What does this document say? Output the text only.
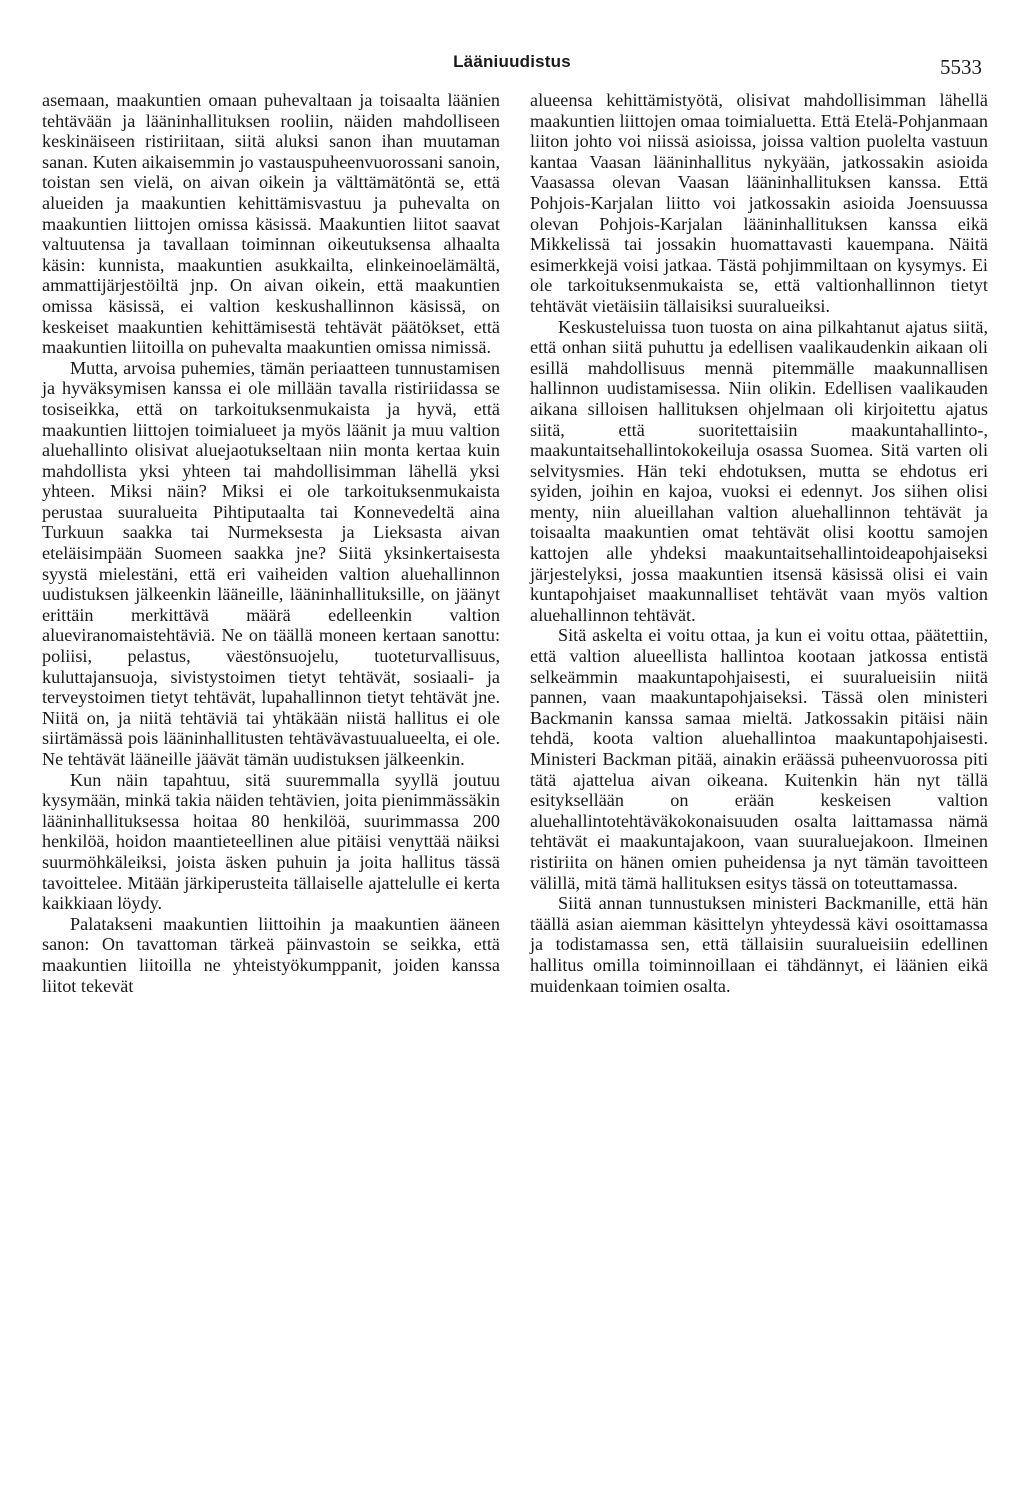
Lääniuudistus	5533

asemaan, maakuntien omaan puhevaltaan ja toisaalta läänien tehtävään ja lääninhallituksen rooliin, näiden mahdolliseen keskinäiseen ristiriitaan, siitä aluksi sanon ihan muutaman sanan. Kuten aikaisemmin jo vastauspuheenvuorossani sanoin, toistan sen vielä, on aivan oikein ja välttämätöntä se, että alueiden ja maakuntien kehittämisvastuu ja puhevalta on maakuntien liittojen omissa käsissä. Maakuntien liitot saavat valtuutensa ja tavallaan toiminnan oikeutuksensa alhaalta käsin: kunnista, maakuntien asukkailta, elinkeinoelämältä, ammattijärjestöiltä jnp. On aivan oikein, että maakuntien omissa käsissä, ei valtion keskushallinnon käsissä, on keskeiset maakuntien kehittämisestä tehtävät päätökset, että maakuntien liitoilla on puhevalta maakuntien omissa nimissä.

Mutta, arvoisa puhemies, tämän periaatteen tunnustamisen ja hyväksymisen kanssa ei ole millään tavalla ristiriidassa se tosiseikka, että on tarkoituksenmukaista ja hyvä, että maakuntien liittojen toimialueet ja myös läänit ja muu valtion aluehallinto olisivat aluejaotukseltaan niin monta kertaa kuin mahdollista yksi yhteen tai mahdollisimman lähellä yksi yhteen. Miksi näin? Miksi ei ole tarkoituksenmukaista perustaa suuralueita Pihtiputaalta tai Konnevedeltä aina Turkuun saakka tai Nurmeksesta ja Lieksasta aivan eteläisimpään Suomeen saakka jne? Siitä yksinkertaisesta syystä mielestäni, että eri vaiheiden valtion aluehallinnon uudistuksen jälkeenkin lääneille, lääninhallituksille, on jäänyt erittäin merkittävä määrä edelleenkin valtion alueviranomaistehtäviä. Ne on täällä moneen kertaan sanottu: poliisi, pelastus, väestönsuojelu, tuoteturvallisuus, kuluttajansuoja, sivistystoimen tietyt tehtävät, sosiaali- ja terveystoimen tietyt tehtävät, lupahallinnon tietyt tehtävät jne. Niitä on, ja niitä tehtäviä tai yhtäkään niistä hallitus ei ole siirtämässä pois lääninhallitusten tehtävävastuualueelta, ei ole. Ne tehtävät lääneille jäävät tämän uudistuksen jälkeenkin.

Kun näin tapahtuu, sitä suuremmalla syyllä joutuu kysymään, minkä takia näiden tehtävien, joita pienimmässäkin lääninhallituksessa hoitaa 80 henkilöä, suurimmassa 200 henkilöä, hoidon maantieteellinen alue pitäisi venyttää näiksi suurmöhkäleiksi, joista äsken puhuin ja joita hallitus tässä tavoittelee. Mitään järkiperusteita tällaiselle ajattelulle ei kerta kaikkiaan löydy.

Palatakseni maakuntien liittoihin ja maakuntien ääneen sanon: On tavattoman tärkeä päinvastoin se seikka, että maakuntien liitoilla ne yhteistyökumppanit, joiden kanssa liitot tekevät

alueensa kehittämistyötä, olisivat mahdollisimman lähellä maakuntien liittojen omaa toimialuetta. Että Etelä-Pohjanmaan liiton johto voi niissä asioissa, joissa valtion puolelta vastuun kantaa Vaasan lääninhallitus nykyään, jatkossakin asioida Vaasassa olevan Vaasan lääninhallituksen kanssa. Että Pohjois-Karjalan liitto voi jatkossakin asioida Joensuussa olevan Pohjois-Karjalan lääninhallituksen kanssa eikä Mikkelissä tai jossakin huomattavasti kauempana. Näitä esimerkkejä voisi jatkaa. Tästä pohjimmiltaan on kysymys. Ei ole tarkoituksenmukaista se, että valtionhallinnon tietyt tehtävät vietäisiin tällaisiksi suuralueiksi.

Keskusteluissa tuon tuosta on aina pilkahtanut ajatus siitä, että onhan siitä puhuttu ja edellisen vaalikaudenkin aikaan oli esillä mahdollisuus mennä pitemmälle maakunnallisen hallinnon uudistamisessa. Niin olikin. Edellisen vaalikauden aikana silloisen hallituksen ohjelmaan oli kirjoitettu ajatus siitä, että suoritettaisiin maakuntahallinto-, maakuntaitsehallintokokeiluja osassa Suomea. Sitä varten oli selvitysmies. Hän teki ehdotuksen, mutta se ehdotus eri syiden, joihin en kajoa, vuoksi ei edennyt. Jos siihen olisi menty, niin alueillahan valtion aluehallinnon tehtävät ja toisaalta maakuntien omat tehtävät olisi koottu samojen kattojen alle yhdeksi maakuntaitsehallintoideapohjaiseksi järjestelyksi, jossa maakuntien itsensä käsissä olisi ei vain kuntapohjaiset maakunnalliset tehtävät vaan myös valtion aluehallinnon tehtävät.

Sitä askelta ei voitu ottaa, ja kun ei voitu ottaa, päätettiin, että valtion alueellista hallintoa kootaan jatkossa entistä selkeämmin maakuntapohjaisesti, ei suuralueisiin niitä pannen, vaan maakuntapohjaiseksi. Tässä olen ministeri Backmanin kanssa samaa mieltä. Jatkossakin pitäisi näin tehdä, koota valtion aluehallintoa maakuntapohjaisesti. Ministeri Backman pitää, ainakin eräässä puheenvuorossa piti tätä ajattelua aivan oikeana. Kuitenkin hän nyt tällä esityksellään on erään keskeisen valtion aluehallintotehtäväkokonaisuuden osalta laittamassa nämä tehtävät ei maakuntajakoon, vaan suuraluejakoon. Ilmeinen ristiriita on hänen omien puheidensa ja nyt tämän tavoitteen välillä, mitä tämä hallituksen esitys tässä on toteuttamassa.

Siitä annan tunnustuksen ministeri Backmanille, että hän täällä asian aiemman käsittelyn yhteydessä kävi osoittamassa ja todistamassa sen, että tällaisiin suuralueisiin edellinen hallitus omilla toiminnoillaan ei tähdännyt, ei läänien eikä muidenkaan toimien osalta.
